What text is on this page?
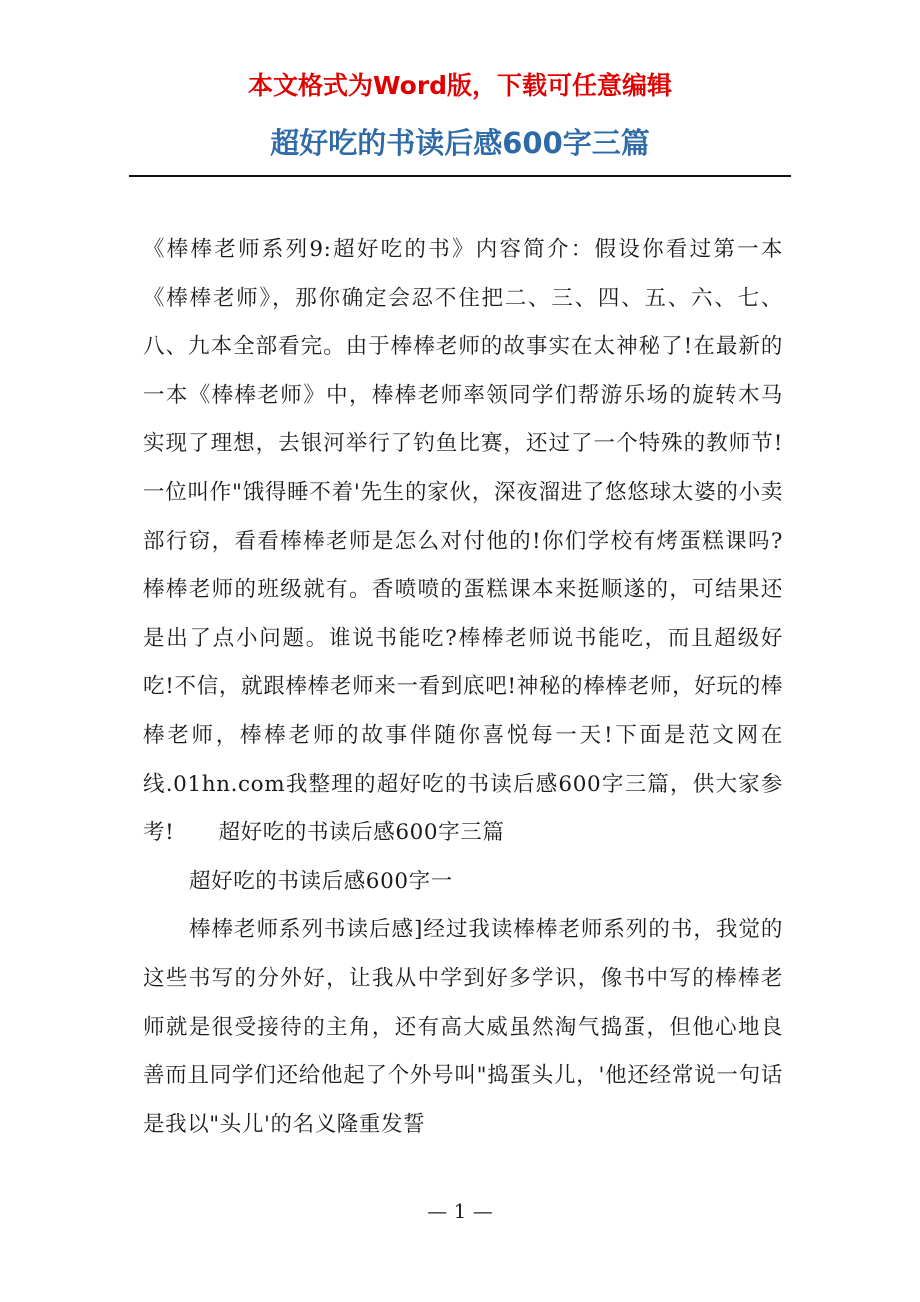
本文格式为Word版，下载可任意编辑
超好吃的书读后感600字三篇

《棒棒老师系列9:超好吃的书》内容简介：假设你看过第一本《棒棒老师》，那你确定会忍不住把二、三、四、五、六、七、八、九本全部看完。由于棒棒老师的故事实在太神秘了!在最新的一本《棒棒老师》中，棒棒老师率领同学们帮游乐场的旋转木马实现了理想，去银河举行了钓鱼比赛，还过了一个特殊的教师节!一位叫作"饿得睡不着'先生的家伙，深夜溜进了悠悠球太婆的小卖部行窃，看看棒棒老师是怎么对付他的!你们学校有烤蛋糕课吗?棒棒老师的班级就有。香喷喷的蛋糕课本来挺顺遂的，可结果还是出了点小问题。谁说书能吃?棒棒老师说书能吃，而且超级好吃!不信，就跟棒棒老师来一看到底吧!神秘的棒棒老师，好玩的棒棒老师，棒棒老师的故事伴随你喜悦每一天!下面是范文网在线.01hn.com我整理的超好吃的书读后感600字三篇，供大家参考!　　超好吃的书读后感600字三篇

超好吃的书读后感600字一

棒棒老师系列书读后感]经过我读棒棒老师系列的书，我觉的这些书写的分外好，让我从中学到好多学识，像书中写的棒棒老师就是很受接待的主角，还有高大威虽然淘气捣蛋，但他心地良善而且同学们还给他起了个外号叫"捣蛋头儿，'他还经常说一句话是我以"头儿'的名义隆重发誓

— 1 —
